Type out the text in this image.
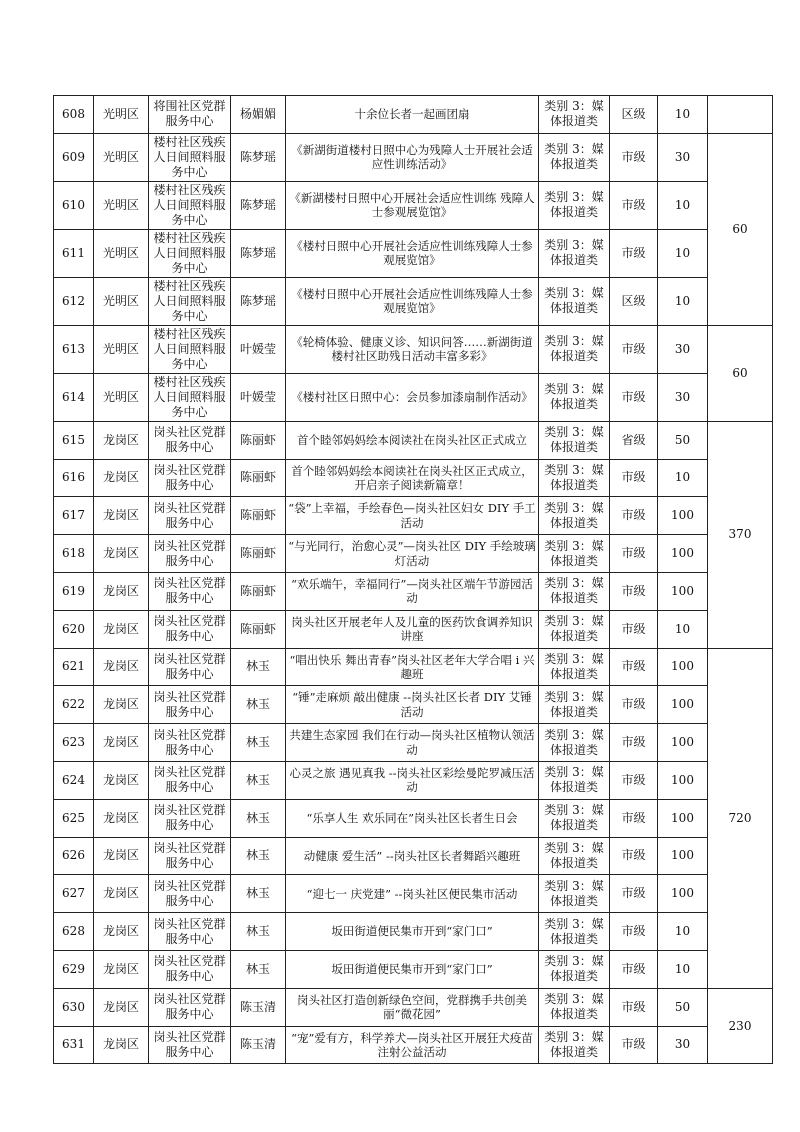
608	光明区	将围社区党群服务中心	杨媚媚	十余位长者一起画团扇	类别 3：媒体报道类	区级	10	
609	光明区	楼村社区残疾人日间照料服务中心	陈梦瑶	《新湖街道楼村日照中心为残障人士开展社会适应性训练活动》	类别 3：媒体报道类	市级	30	60
610	光明区	楼村社区残疾人日间照料服务中心	陈梦瑶	《新湖楼村日照中心开展社会适应性训练 残障人士参观展览馆》	类别 3：媒体报道类	市级	10	
611	光明区	楼村社区残疾人日间照料服务中心	陈梦瑶	《楼村日照中心开展社会适应性训练残障人士参观展览馆》	类别 3：媒体报道类	市级	10	
612	光明区	楼村社区残疾人日间照料服务中心	陈梦瑶	《楼村日照中心开展社会适应性训练残障人士参观展览馆》	类别 3：媒体报道类	区级	10	
613	光明区	楼村社区残疾人日间照料服务中心	叶媛莹	《轮椅体验、健康义诊、知识问答……新湖街道楼村社区助残日活动丰富多彩》	类别 3：媒体报道类	市级	30	60
614	光明区	楼村社区残疾人日间照料服务中心	叶媛莹	《楼村社区日照中心：会员参加漆扇制作活动》	类别 3：媒体报道类	市级	30	
615	龙岗区	岗头社区党群服务中心	陈丽虾	首个睦邻妈妈绘本阅读社在岗头社区正式成立	类别 3：媒体报道类	省级	50	370
616	龙岗区	岗头社区党群服务中心	陈丽虾	首个睦邻妈妈绘本阅读社在岗头社区正式成立，开启亲子阅读新篇章！	类别 3：媒体报道类	市级	10	
617	龙岗区	岗头社区党群服务中心	陈丽虾	“袋”上幸福，手绘春色—岗头社区妇女 DIY 手工活动	类别 3：媒体报道类	市级	100	
618	龙岗区	岗头社区党群服务中心	陈丽虾	“与光同行，治愈心灵”—岗头社区 DIY 手绘玻璃灯活动	类别 3：媒体报道类	市级	100	
619	龙岗区	岗头社区党群服务中心	陈丽虾	“欢乐端午，幸福同行”—岗头社区端午节游园活动	类别 3：媒体报道类	市级	100	
620	龙岗区	岗头社区党群服务中心	陈丽虾	岗头社区开展老年人及儿童的医药饮食调养知识讲座	类别 3：媒体报道类	市级	10	
621	龙岗区	岗头社区党群服务中心	林玉	“唱出快乐 舞出青春”岗头社区老年大学合唱 i 兴趣班	类别 3：媒体报道类	市级	100	720
622	龙岗区	岗头社区党群服务中心	林玉	“锤”走麻烦 敲出健康 --岗头社区长者 DIY 艾锤活动	类别 3：媒体报道类	市级	100	
623	龙岗区	岗头社区党群服务中心	林玉	共建生态家园 我们在行动—岗头社区植物认领活动	类别 3：媒体报道类	市级	100	
624	龙岗区	岗头社区党群服务中心	林玉	心灵之旅 遇见真我 --岗头社区彩绘曼陀罗减压活动	类别 3：媒体报道类	市级	100	
625	龙岗区	岗头社区党群服务中心	林玉	“乐享人生 欢乐同在”岗头社区长者生日会	类别 3：媒体报道类	市级	100	
626	龙岗区	岗头社区党群服务中心	林玉	动健康 爱生活” --岗头社区长者舞蹈兴趣班	类别 3：媒体报道类	市级	100	
627	龙岗区	岗头社区党群服务中心	林玉	“迎七一 庆党建” --岗头社区便民集市活动	类别 3：媒体报道类	市级	100	
628	龙岗区	岗头社区党群服务中心	林玉	坂田街道便民集市开到“家门口”	类别 3：媒体报道类	市级	10	
629	龙岗区	岗头社区党群服务中心	林玉	坂田街道便民集市开到“家门口”	类别 3：媒体报道类	市级	10	
630	龙岗区	岗头社区党群服务中心	陈玉清	岗头社区打造创新绿色空间，党群携手共创美丽“微花园”	类别 3：媒体报道类	市级	50	230
631	龙岗区	岗头社区党群服务中心	陈玉清	“宠”爱有方，科学养犬—岗头社区开展狂犬疫苗注射公益活动	类别 3：媒体报道类	市级	30	
